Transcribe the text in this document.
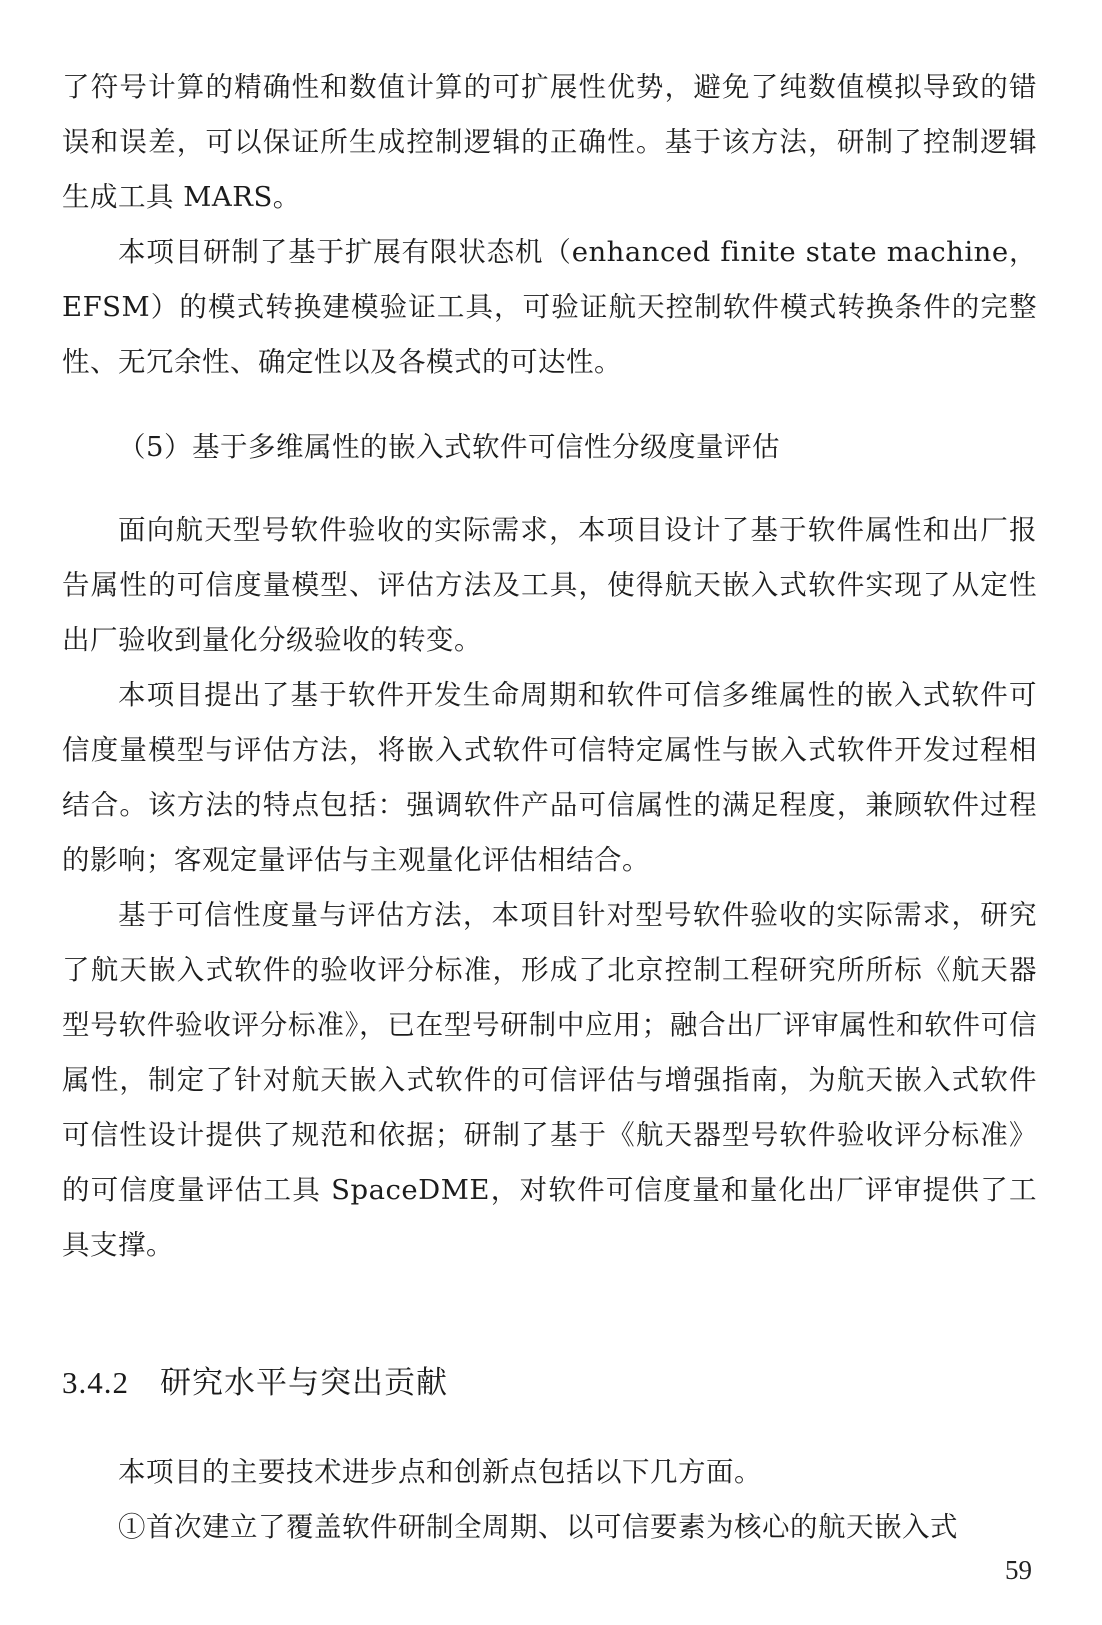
了符号计算的精确性和数值计算的可扩展性优势，避免了纯数值模拟导致的错误和误差，可以保证所生成控制逻辑的正确性。基于该方法，研制了控制逻辑生成工具 MARS。

本项目研制了基于扩展有限状态机（enhanced finite state machine，EFSM）的模式转换建模验证工具，可验证航天控制软件模式转换条件的完整性、无冗余性、确定性以及各模式的可达性。

（5）基于多维属性的嵌入式软件可信性分级度量评估

面向航天型号软件验收的实际需求，本项目设计了基于软件属性和出厂报告属性的可信度量模型、评估方法及工具，使得航天嵌入式软件实现了从定性出厂验收到量化分级验收的转变。

本项目提出了基于软件开发生命周期和软件可信多维属性的嵌入式软件可信度量模型与评估方法，将嵌入式软件可信特定属性与嵌入式软件开发过程相结合。该方法的特点包括：强调软件产品可信属性的满足程度，兼顾软件过程的影响；客观定量评估与主观量化评估相结合。

基于可信性度量与评估方法，本项目针对型号软件验收的实际需求，研究了航天嵌入式软件的验收评分标准，形成了北京控制工程研究所所标《航天器型号软件验收评分标准》，已在型号研制中应用；融合出厂评审属性和软件可信属性，制定了针对航天嵌入式软件的可信评估与增强指南，为航天嵌入式软件可信性设计提供了规范和依据；研制了基于《航天器型号软件验收评分标准》的可信度量评估工具 SpaceDME，对软件可信度量和量化出厂评审提供了工具支撑。

3.4.2 研究水平与突出贡献

本项目的主要技术进步点和创新点包括以下几方面。

①首次建立了覆盖软件研制全周期、以可信要素为核心的航天嵌入式

59
